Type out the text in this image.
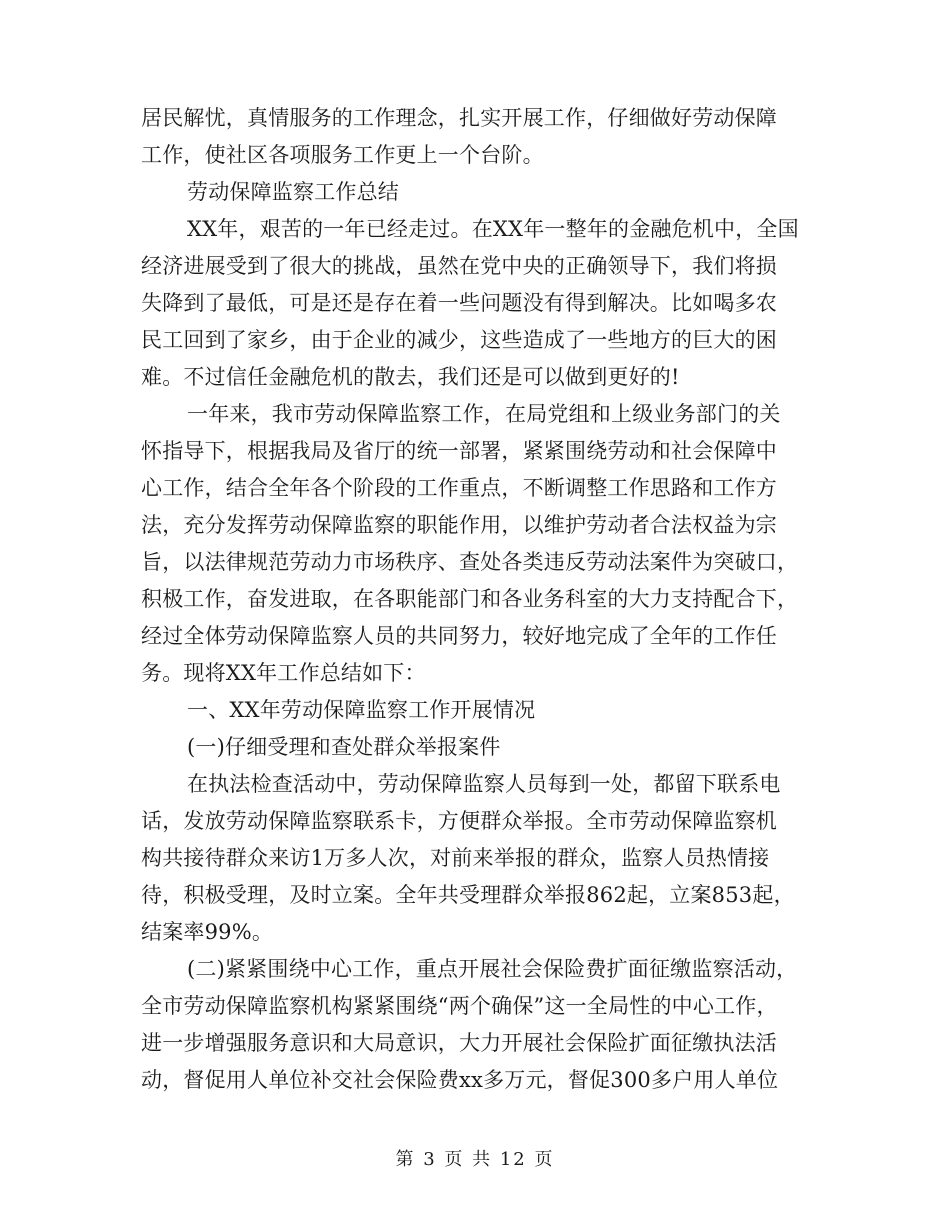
居民解忧，真情服务的工作理念，扎实开展工作，仔细做好劳动保障
工作，使社区各项服务工作更上一个台阶。
劳动保障监察工作总结
XX年，艰苦的一年已经走过。在XX年一整年的金融危机中，全国
经济进展受到了很大的挑战，虽然在党中央的正确领导下，我们将损
失降到了最低，可是还是存在着一些问题没有得到解决。比如喝多农
民工回到了家乡，由于企业的减少，这些造成了一些地方的巨大的困
难。不过信任金融危机的散去，我们还是可以做到更好的!
一年来，我市劳动保障监察工作，在局党组和上级业务部门的关
怀指导下，根据我局及省厅的统一部署，紧紧围绕劳动和社会保障中
心工作，结合全年各个阶段的工作重点，不断调整工作思路和工作方
法，充分发挥劳动保障监察的职能作用，以维护劳动者合法权益为宗
旨，以法律规范劳动力市场秩序、查处各类违反劳动法案件为突破口，
积极工作，奋发进取，在各职能部门和各业务科室的大力支持配合下，
经过全体劳动保障监察人员的共同努力，较好地完成了全年的工作任
务。现将XX年工作总结如下：
一、XX年劳动保障监察工作开展情况
(一)仔细受理和查处群众举报案件
在执法检查活动中，劳动保障监察人员每到一处，都留下联系电
话，发放劳动保障监察联系卡，方便群众举报。全市劳动保障监察机
构共接待群众来访1万多人次，对前来举报的群众，监察人员热情接
待，积极受理，及时立案。全年共受理群众举报862起，立案853起，
结案率99%。
(二)紧紧围绕中心工作，重点开展社会保险费扩面征缴监察活动，
全市劳动保障监察机构紧紧围绕“两个确保”这一全局性的中心工作，
进一步增强服务意识和大局意识，大力开展社会保险扩面征缴执法活
动，督促用人单位补交社会保险费xx多万元，督促300多户用人单位
第 3 页 共 12 页
